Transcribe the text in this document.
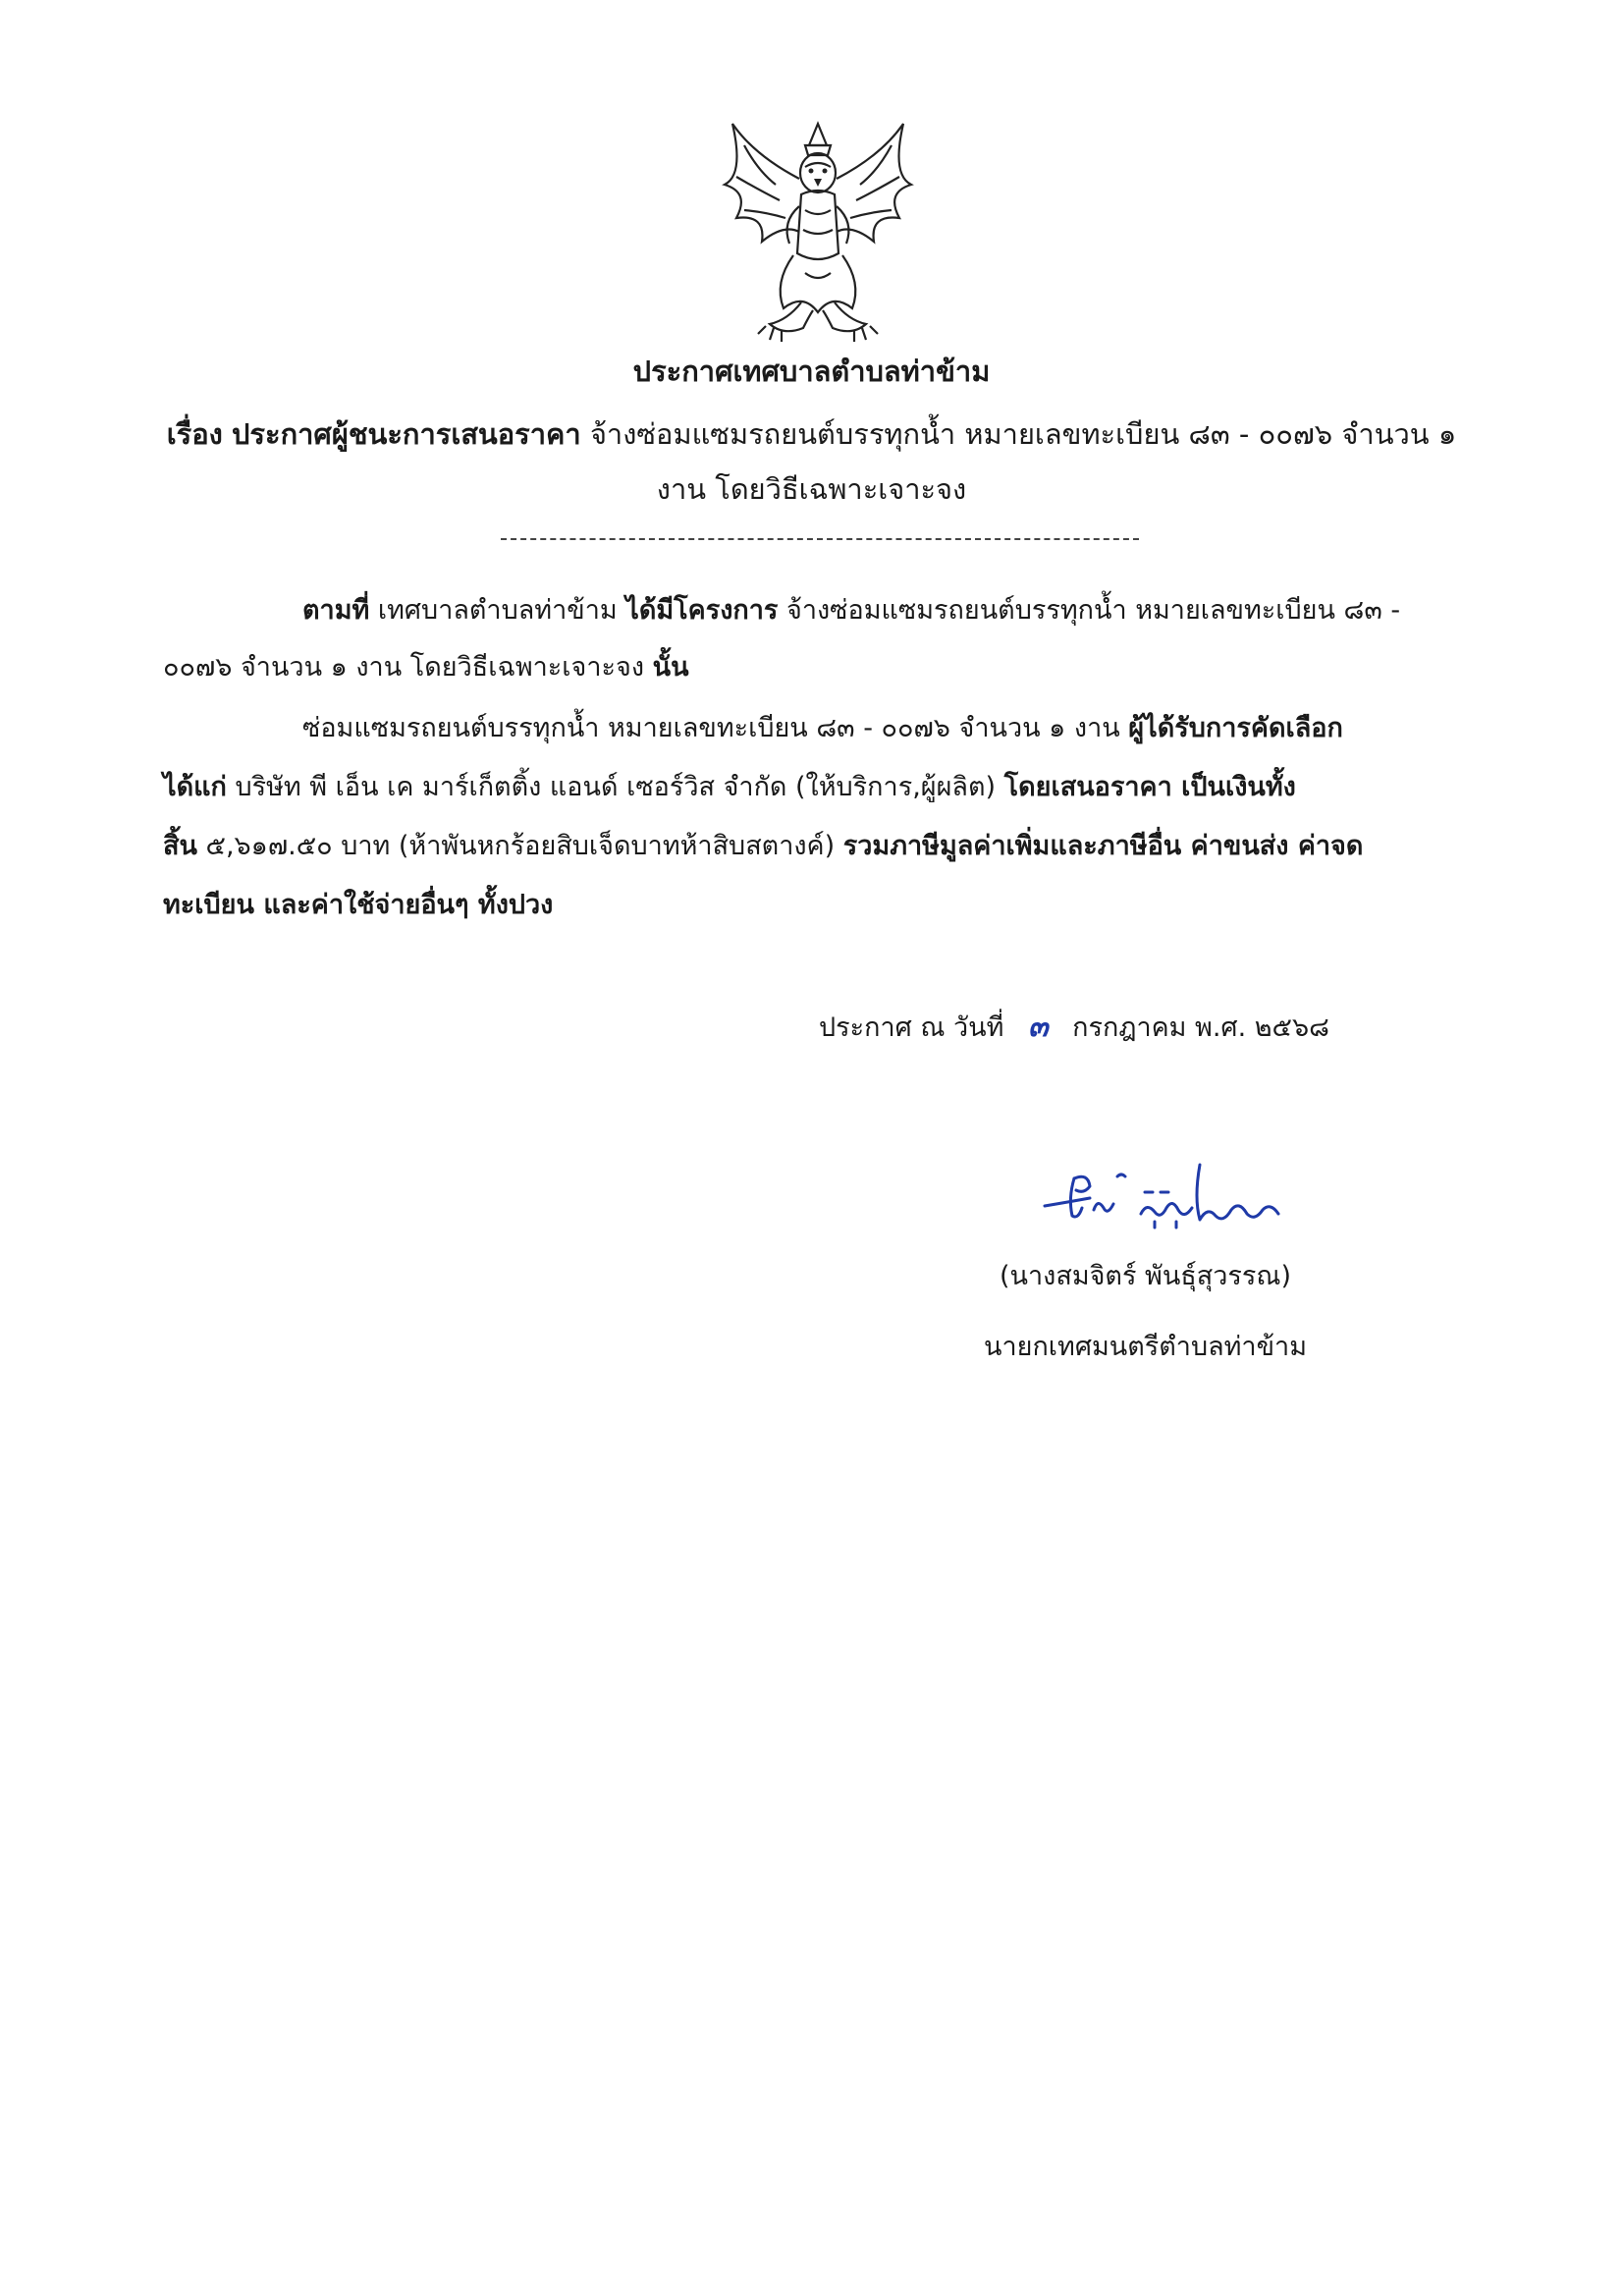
ประกาศเทศบาลตำบลท่าข้าม
เรื่อง ประกาศผู้ชนะการเสนอราคา จ้างซ่อมแซมรถยนต์บรรทุกน้ำ หมายเลขทะเบียน ๘๓ - ๐๐๗๖ จำนวน ๑
งาน โดยวิธีเฉพาะเจาะจง
ตามที่ เทศบาลตำบลท่าข้าม ได้มีโครงการ จ้างซ่อมแซมรถยนต์บรรทุกน้ำ หมายเลขทะเบียน ๘๓ -
๐๐๗๖ จำนวน ๑ งาน โดยวิธีเฉพาะเจาะจง นั้น
ซ่อมแซมรถยนต์บรรทุกน้ำ หมายเลขทะเบียน ๘๓ - ๐๐๗๖ จำนวน ๑ งาน ผู้ได้รับการคัดเลือก
ได้แก่ บริษัท พี เอ็น เค มาร์เก็ตติ้ง แอนด์ เซอร์วิส จำกัด (ให้บริการ,ผู้ผลิต) โดยเสนอราคา เป็นเงินทั้ง
สิ้น ๕,๖๑๗.๕๐ บาท (ห้าพันหกร้อยสิบเจ็ดบาทห้าสิบสตางค์) รวมภาษีมูลค่าเพิ่มและภาษีอื่น ค่าขนส่ง ค่าจด
ทะเบียน และค่าใช้จ่ายอื่นๆ ทั้งปวง
ประกาศ ณ วันที่ ๓ กรกฎาคม พ.ศ. ๒๕๖๘
(นางสมจิตร์ พันธุ์สุวรรณ)
นายกเทศมนตรีตำบลท่าข้าม
